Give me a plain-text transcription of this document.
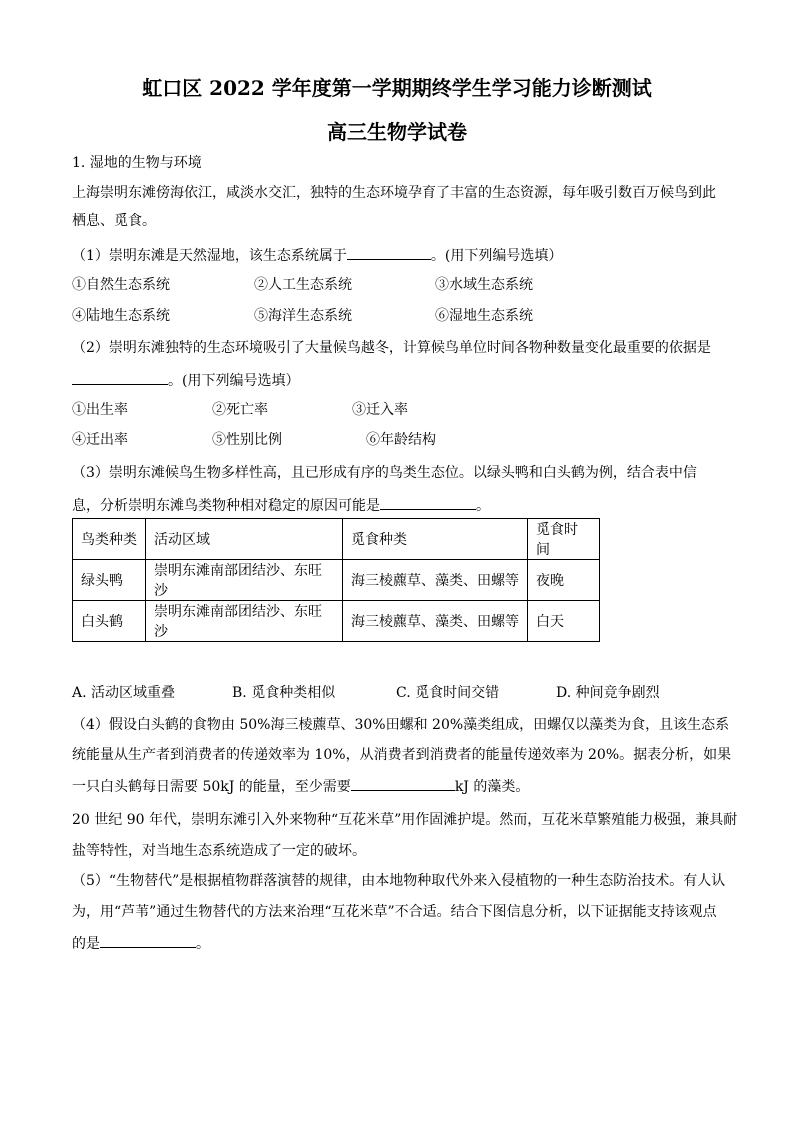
虹口区 2022 学年度第一学期期终学生学习能力诊断测试
高三生物学试卷
1. 湿地的生物与环境
上海崇明东滩傍海依江，咸淡水交汇，独特的生态环境孕育了丰富的生态资源，每年吸引数百万候鸟到此
栖息、觅食。
（1）崇明东滩是天然湿地，该生态系统属于	。(用下列编号选填）
①自然生态系统	②人工生态系统	③水域生态系统
④陆地生态系统	⑤海洋生态系统	⑥湿地生态系统
（2）崇明东滩独特的生态环境吸引了大量候鸟越冬，计算候鸟单位时间各物种数量变化最重要的依据是
。(用下列编号选填）
①出生率	②死亡率	③迁入率
④迁出率	⑤性别比例	⑥年龄结构
（3）崇明东滩候鸟生物多样性高，且已形成有序的鸟类生态位。以绿头鸭和白头鹤为例，结合表中信
息，分析崇明东滩鸟类物种相对稳定的原因可能是	。
鸟类种类	活动区域	觅食种类	觅食时间
绿头鸭	崇明东滩南部团结沙、东旺沙	海三棱藨草、藻类、田螺等	夜晚
白头鹤	崇明东滩南部团结沙、东旺沙	海三棱藨草、藻类、田螺等	白天
A. 活动区域重叠	B. 觅食种类相似	C. 觅食时间交错	D. 种间竞争剧烈
（4）假设白头鹤的食物由 50%海三棱藨草、30%田螺和 20%藻类组成，田螺仅以藻类为食，且该生态系
统能量从生产者到消费者的传递效率为 10%，从消费者到消费者的能量传递效率为 20%。据表分析，如果
一只白头鹤每日需要 50kJ 的能量，至少需要	kJ 的藻类。
20 世纪 90 年代，崇明东滩引入外来物种“互花米草”用作固滩护堤。然而，互花米草繁殖能力极强，兼具耐
盐等特性，对当地生态系统造成了一定的破坏。
（5）“生物替代”是根据植物群落演替的规律，由本地物种取代外来入侵植物的一种生态防治技术。有人认
为，用“芦苇”通过生物替代的方法来治理“互花米草”不合适。结合下图信息分析，以下证据能支持该观点
的是	。
